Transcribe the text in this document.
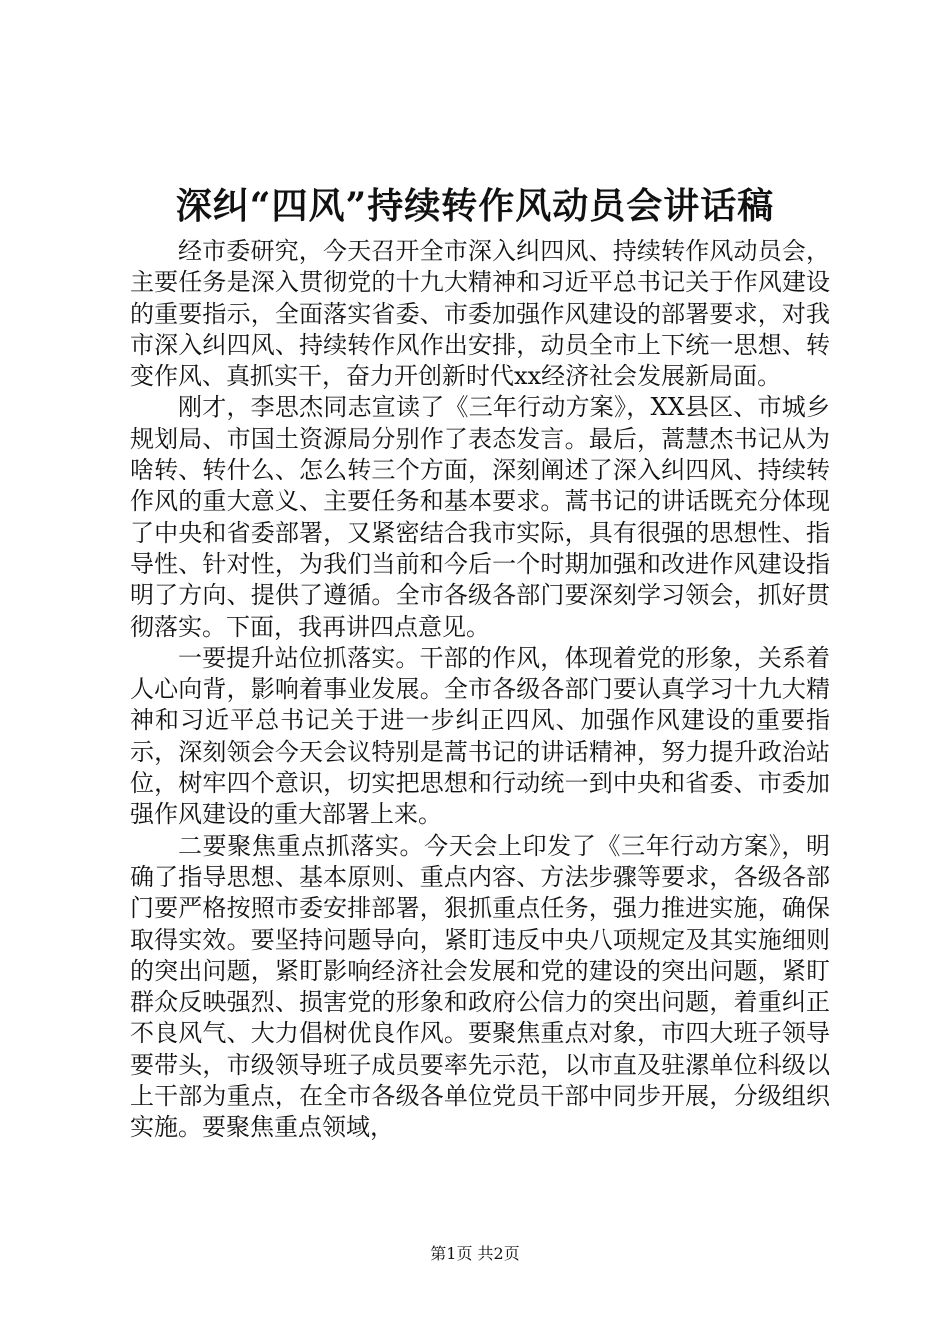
深纠“四风”持续转作风动员会讲话稿

经市委研究，今天召开全市深入纠四风、持续转作风动员会，主要任务是深入贯彻党的十九大精神和习近平总书记关于作风建设的重要指示，全面落实省委、市委加强作风建设的部署要求，对我市深入纠四风、持续转作风作出安排，动员全市上下统一思想、转变作风、真抓实干，奋力开创新时代xx经济社会发展新局面。

刚才，李思杰同志宣读了《三年行动方案》，XX县区、市城乡规划局、市国土资源局分别作了表态发言。最后，蒿慧杰书记从为啥转、转什么、怎么转三个方面，深刻阐述了深入纠四风、持续转作风的重大意义、主要任务和基本要求。蒿书记的讲话既充分体现了中央和省委部署，又紧密结合我市实际，具有很强的思想性、指导性、针对性，为我们当前和今后一个时期加强和改进作风建设指明了方向、提供了遵循。全市各级各部门要深刻学习领会，抓好贯彻落实。下面，我再讲四点意见。

一要提升站位抓落实。干部的作风，体现着党的形象，关系着人心向背，影响着事业发展。全市各级各部门要认真学习十九大精神和习近平总书记关于进一步纠正四风、加强作风建设的重要指示，深刻领会今天会议特别是蒿书记的讲话精神，努力提升政治站位，树牢四个意识，切实把思想和行动统一到中央和省委、市委加强作风建设的重大部署上来。

二要聚焦重点抓落实。今天会上印发了《三年行动方案》，明确了指导思想、基本原则、重点内容、方法步骤等要求，各级各部门要严格按照市委安排部署，狠抓重点任务，强力推进实施，确保取得实效。要坚持问题导向，紧盯违反中央八项规定及其实施细则的突出问题，紧盯影响经济社会发展和党的建设的突出问题，紧盯群众反映强烈、损害党的形象和政府公信力的突出问题，着重纠正不良风气、大力倡树优良作风。要聚焦重点对象，市四大班子领导要带头，市级领导班子成员要率先示范，以市直及驻漯单位科级以上干部为重点，在全市各级各单位党员干部中同步开展，分级组织实施。要聚焦重点领域，

第1页 共2页
